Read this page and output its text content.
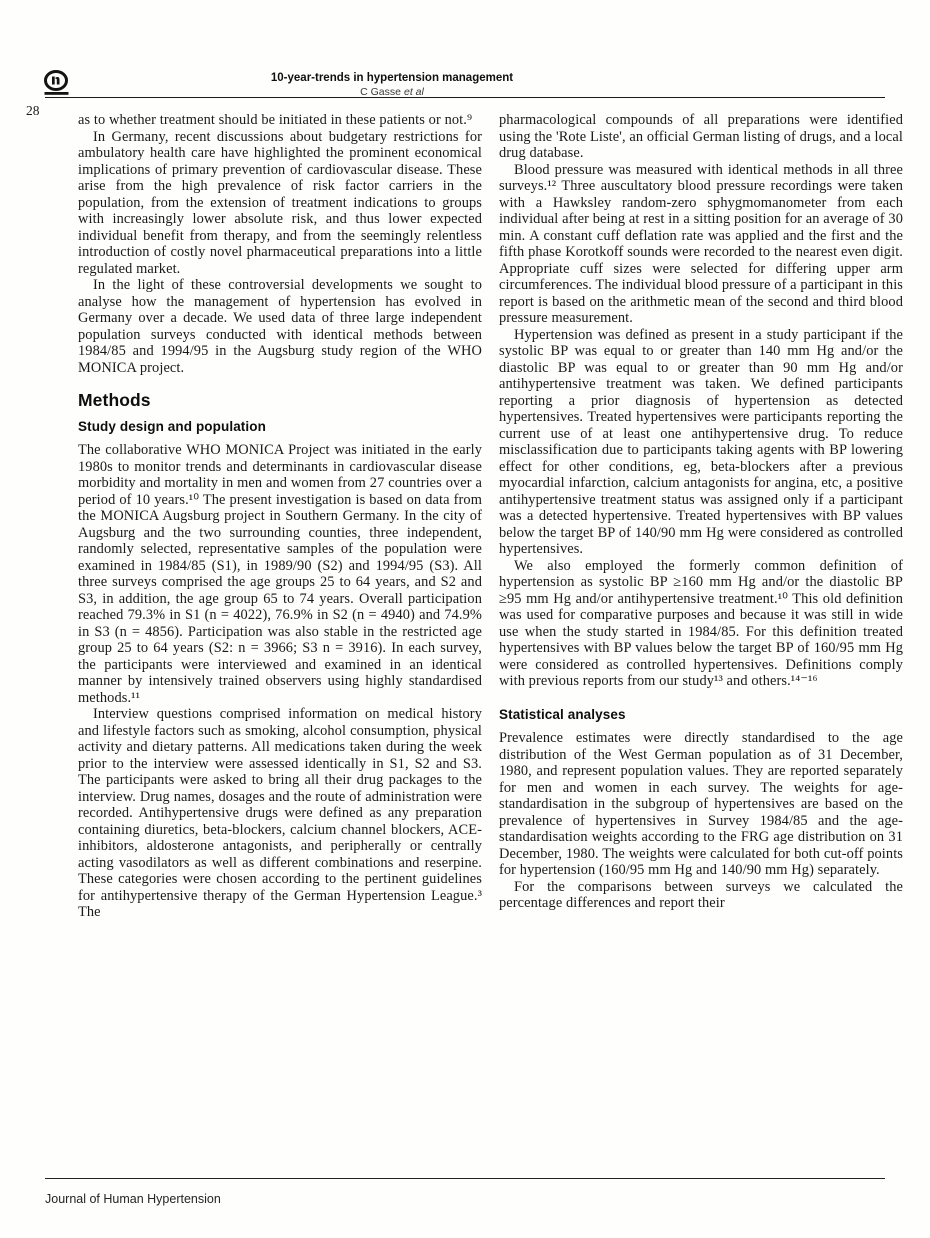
10-year-trends in hypertension management
C Gasse et al
28

as to whether treatment should be initiated in these patients or not.⁹

In Germany, recent discussions about budgetary restrictions for ambulatory health care have highlighted the prominent economical implications of primary prevention of cardiovascular disease. These arise from the high prevalence of risk factor carriers in the population, from the extension of treatment indications to groups with increasingly lower absolute risk, and thus lower expected individual benefit from therapy, and from the seemingly relentless introduction of costly novel pharmaceutical preparations into a little regulated market.

In the light of these controversial developments we sought to analyse how the management of hypertension has evolved in Germany over a decade. We used data of three large independent population surveys conducted with identical methods between 1984/85 and 1994/95 in the Augsburg study region of the WHO MONICA project.

Methods
Study design and population

The collaborative WHO MONICA Project was initiated in the early 1980s to monitor trends and determinants in cardiovascular disease morbidity and mortality in men and women from 27 countries over a period of 10 years.¹⁰ The present investigation is based on data from the MONICA Augsburg project in Southern Germany. In the city of Augsburg and the two surrounding counties, three independent, randomly selected, representative samples of the population were examined in 1984/85 (S1), in 1989/90 (S2) and 1994/95 (S3). All three surveys comprised the age groups 25 to 64 years, and S2 and S3, in addition, the age group 65 to 74 years. Overall participation reached 79.3% in S1 (n = 4022), 76.9% in S2 (n = 4940) and 74.9% in S3 (n = 4856). Participation was also stable in the restricted age group 25 to 64 years (S2: n = 3966; S3 n = 3916). In each survey, the participants were interviewed and examined in an identical manner by intensively trained observers using highly standardised methods.¹¹

Interview questions comprised information on medical history and lifestyle factors such as smoking, alcohol consumption, physical activity and dietary patterns. All medications taken during the week prior to the interview were assessed identically in S1, S2 and S3. The participants were asked to bring all their drug packages to the interview. Drug names, dosages and the route of administration were recorded. Antihypertensive drugs were defined as any preparation containing diuretics, beta-blockers, calcium channel blockers, ACE-inhibitors, aldosterone antagonists, and peripherally or centrally acting vasodilators as well as different combinations and reserpine. These categories were chosen according to the pertinent guidelines for antihypertensive therapy of the German Hypertension League.³ The

pharmacological compounds of all preparations were identified using the 'Rote Liste', an official German listing of drugs, and a local drug database.

Blood pressure was measured with identical methods in all three surveys.¹² Three auscultatory blood pressure recordings were taken with a Hawksley random-zero sphygmomanometer from each individual after being at rest in a sitting position for an average of 30 min. A constant cuff deflation rate was applied and the first and the fifth phase Korotkoff sounds were recorded to the nearest even digit. Appropriate cuff sizes were selected for differing upper arm circumferences. The individual blood pressure of a participant in this report is based on the arithmetic mean of the second and third blood pressure measurement.

Hypertension was defined as present in a study participant if the systolic BP was equal to or greater than 140 mm Hg and/or the diastolic BP was equal to or greater than 90 mm Hg and/or antihypertensive treatment was taken. We defined participants reporting a prior diagnosis of hypertension as detected hypertensives. Treated hypertensives were participants reporting the current use of at least one antihypertensive drug. To reduce misclassification due to participants taking agents with BP lowering effect for other conditions, eg, beta-blockers after a previous myocardial infarction, calcium antagonists for angina, etc, a positive antihypertensive treatment status was assigned only if a participant was a detected hypertensive. Treated hypertensives with BP values below the target BP of 140/90 mm Hg were considered as controlled hypertensives.

We also employed the formerly common definition of hypertension as systolic BP ≥160 mm Hg and/or the diastolic BP ≥95 mm Hg and/or antihypertensive treatment.¹⁰ This old definition was used for comparative purposes and because it was still in wide use when the study started in 1984/85. For this definition treated hypertensives with BP values below the target BP of 160/95 mm Hg were considered as controlled hypertensives. Definitions comply with previous reports from our study¹³ and others.¹⁴⁻¹⁶

Statistical analyses

Prevalence estimates were directly standardised to the age distribution of the West German population as of 31 December, 1980, and represent population values. They are reported separately for men and women in each survey. The weights for age-standardisation in the subgroup of hypertensives are based on the prevalence of hypertensives in Survey 1984/85 and the age-standardisation weights according to the FRG age distribution on 31 December, 1980. The weights were calculated for both cut-off points for hypertension (160/95 mm Hg and 140/90 mm Hg) separately.

For the comparisons between surveys we calculated the percentage differences and report their

Journal of Human Hypertension
